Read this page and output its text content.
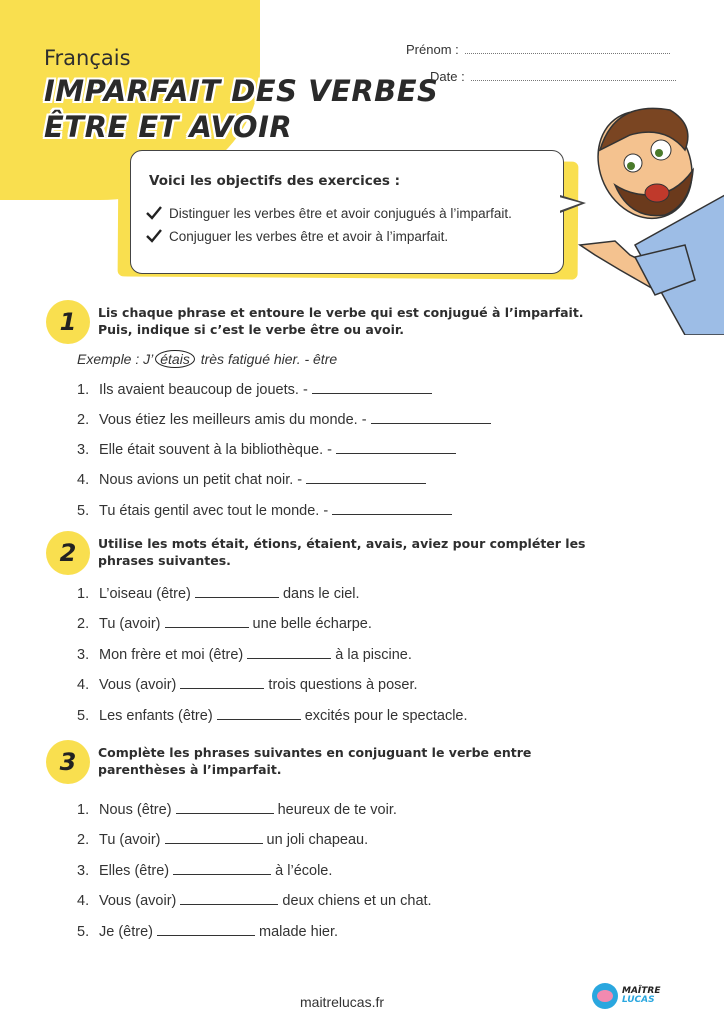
Français
IMPARFAIT DES VERBES
ÊTRE ET AVOIR
Prénom :
Date :
Voici les objectifs des exercices :
Distinguer les verbes être et avoir conjugués à l’imparfait.
Conjuguer les verbes être et avoir à l’imparfait.
1	Lis chaque phrase et entoure le verbe qui est conjugué à l’imparfait. Puis, indique si c’est le verbe être ou avoir.
Exemple : J’ étais très fatigué hier. - être
1. Ils avaient beaucoup de jouets. -
2. Vous étiez les meilleurs amis du monde. -
3. Elle était souvent à la bibliothèque. -
4. Nous avions un petit chat noir. -
5. Tu étais gentil avec tout le monde. -
2	Utilise les mots était, étions, étaient, avais, aviez pour compléter les phrases suivantes.
1. L’oiseau (être)	dans le ciel.
2. Tu (avoir)	une belle écharpe.
3. Mon frère et moi (être)	à la piscine.
4. Vous (avoir)	trois questions à poser.
5. Les enfants (être)	excités pour le spectacle.
3	Complète les phrases suivantes en conjuguant le verbe entre parenthèses à l’imparfait.
1. Nous (être)	heureux de te voir.
2. Tu (avoir)	un joli chapeau.
3. Elles (être)	à l’école.
4. Vous (avoir)	deux chiens et un chat.
5. Je (être)	malade hier.
maitrelucas.fr
MAÎTRE
LUCAS
